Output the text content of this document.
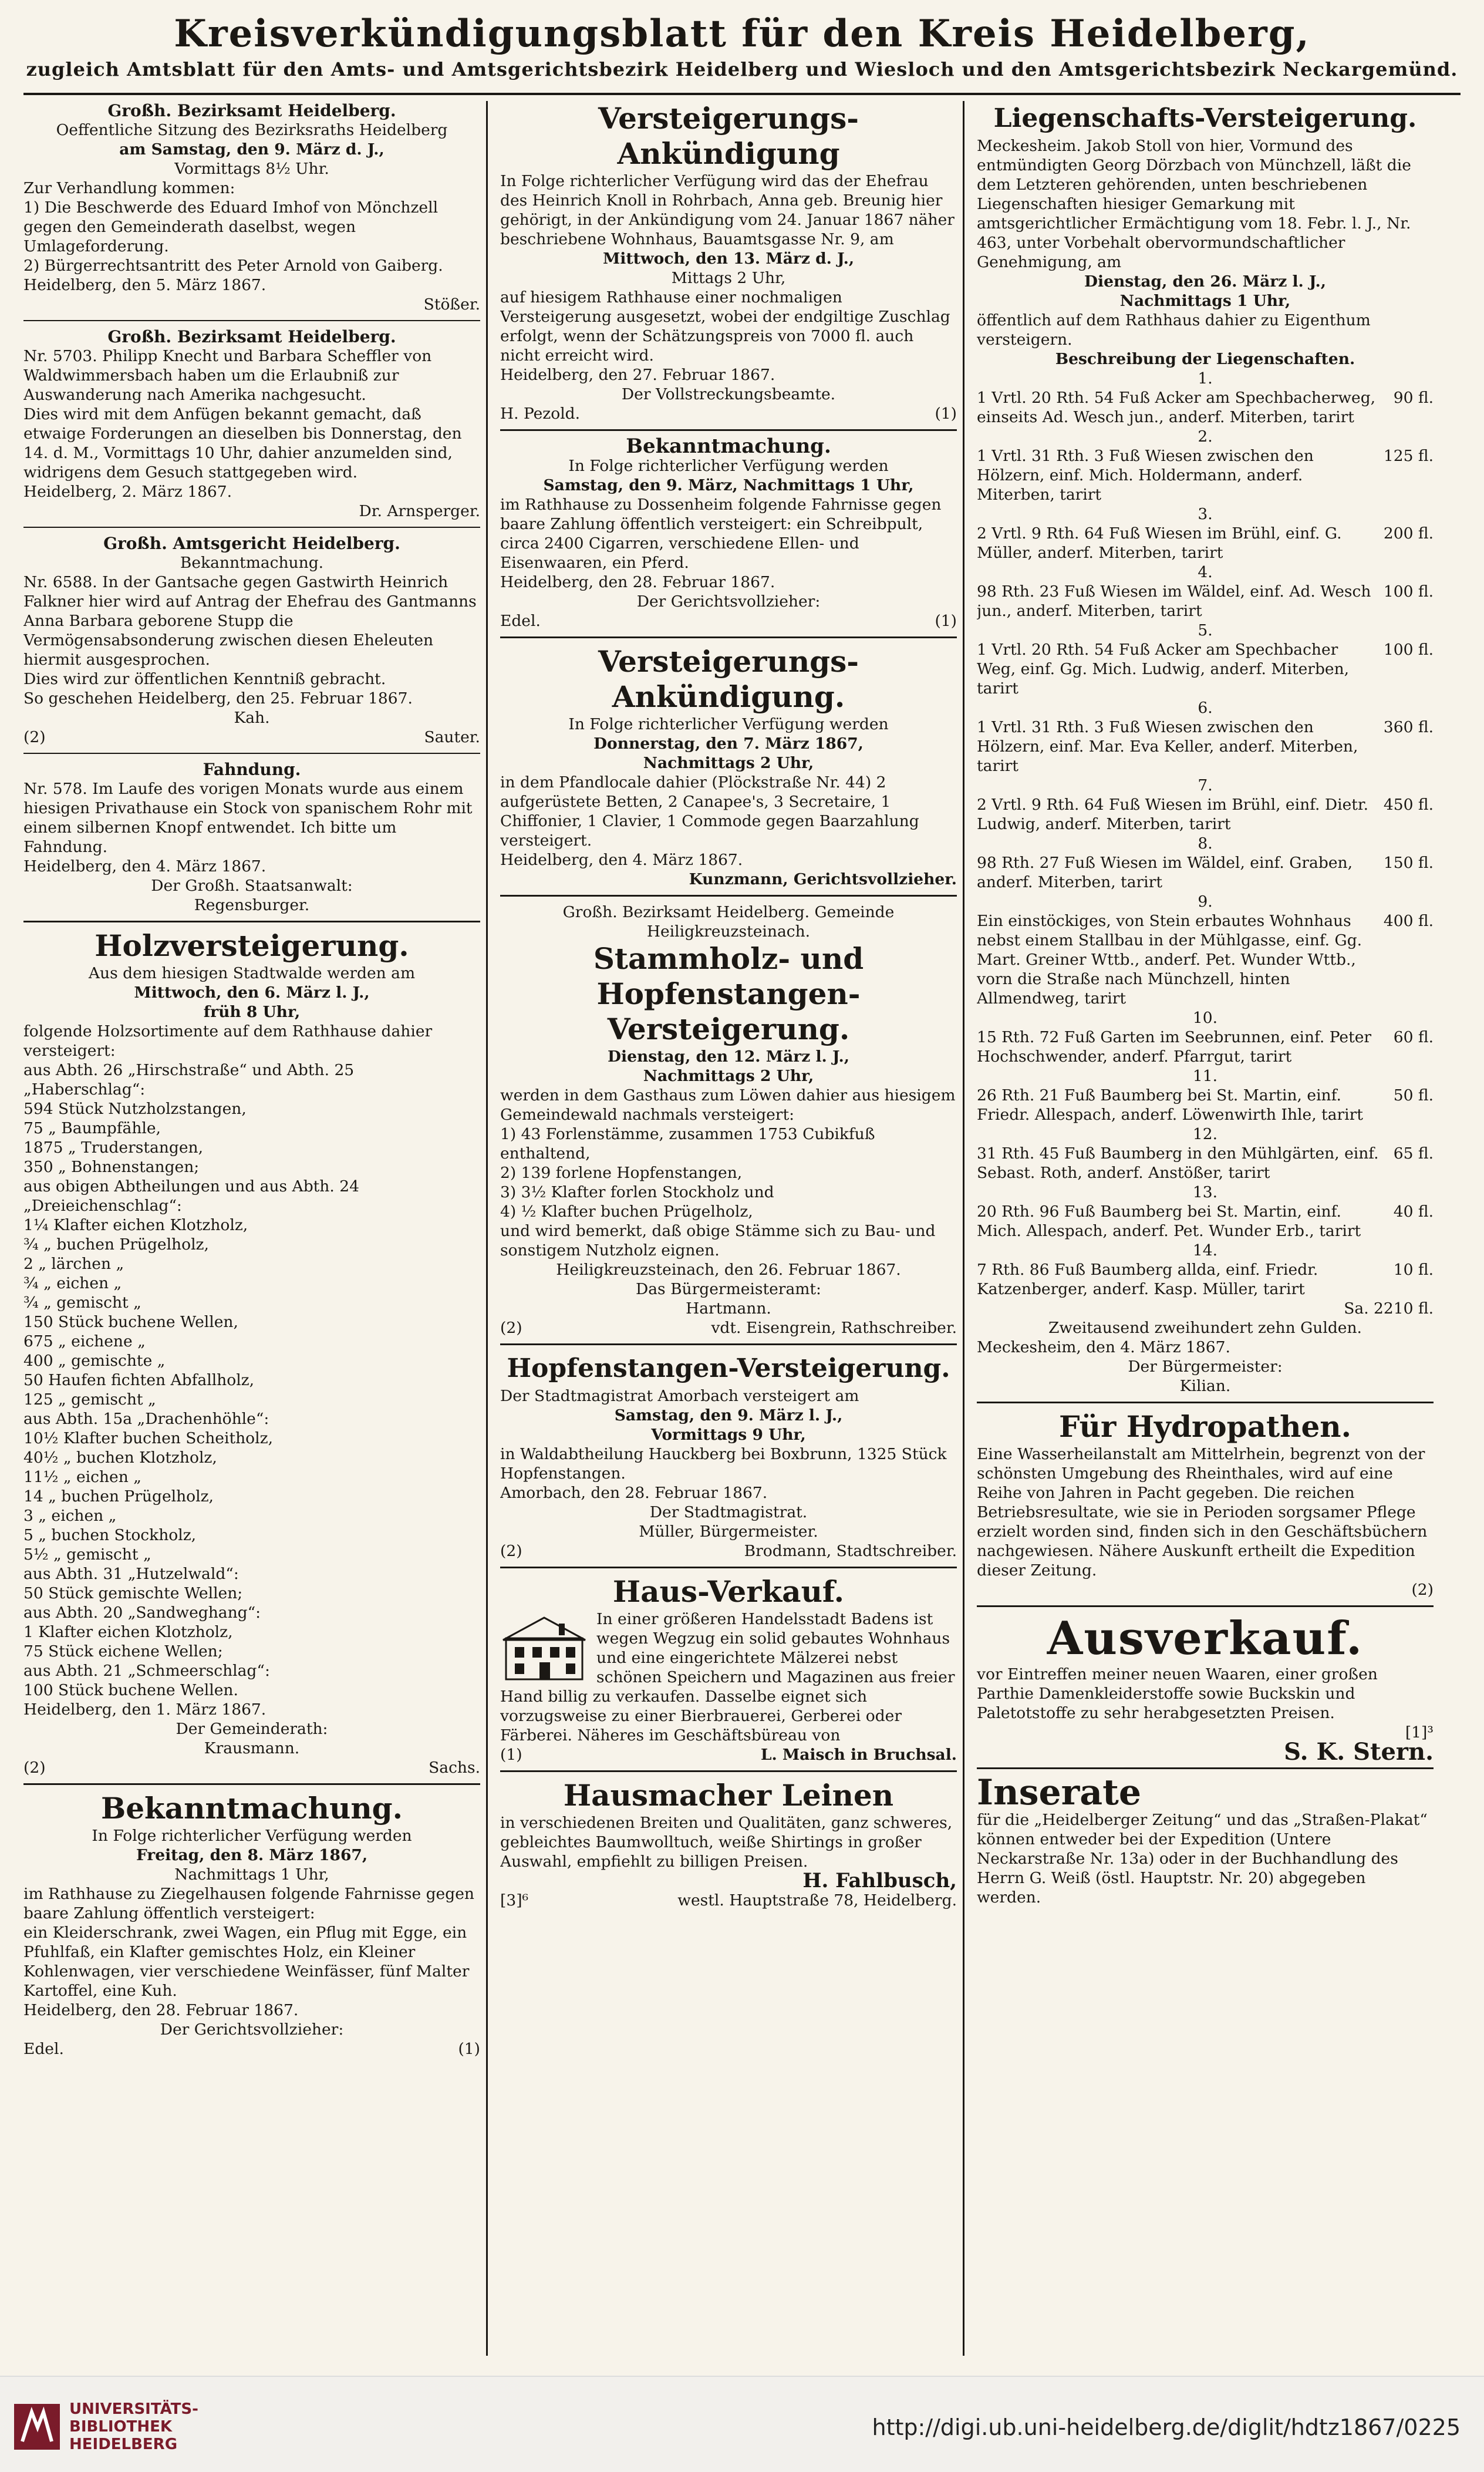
Kreisverkündigungsblatt für den Kreis Heidelberg,
zugleich Amtsblatt für den Amts- und Amtsgerichtsbezirk Heidelberg und Wiesloch und den Amtsgerichtsbezirk Neckargemünd.
Großh. Bezirksamt Heidelberg.

Oeffentliche Sitzung des Bezirksraths Heidelberg

am Samstag, den 9. März d. J.,

Vormittags 8½ Uhr.

Zur Verhandlung kommen:

1) Die Beschwerde des Eduard Imhof von Mönchzell gegen den Gemeinderath daselbst, wegen Umlageforderung.

2) Bürgerrechtsantritt des Peter Arnold von Gaiberg.

Heidelberg, den 5. März 1867.

Stößer.

Großh. Bezirksamt Heidelberg.

Nr. 5703. Philipp Knecht und Barbara Scheffler von Waldwimmersbach haben um die Erlaubniß zur Auswanderung nach Amerika nachgesucht.

Dies wird mit dem Anfügen bekannt gemacht, daß etwaige Forderungen an dieselben bis Donnerstag, den 14. d. M., Vormittags 10 Uhr, dahier anzumelden sind, widrigens dem Gesuch stattgegeben wird.

Heidelberg, 2. März 1867.

Dr. Arnsperger.

Großh. Amtsgericht Heidelberg.

Bekanntmachung.

Nr. 6588. In der Gantsache gegen Gastwirth Heinrich Falkner hier wird auf Antrag der Ehefrau des Gantmanns Anna Barbara geborene Stupp die Vermögensabsonderung zwischen diesen Eheleuten hiermit ausgesprochen.

Dies wird zur öffentlichen Kenntniß gebracht.

So geschehen Heidelberg, den 25. Februar 1867.

Kah.

(2)	Sauter.
Fahndung.

Nr. 578. Im Laufe des vorigen Monats wurde aus einem hiesigen Privathause ein Stock von spanischem Rohr mit einem silbernen Knopf entwendet. Ich bitte um Fahndung.

Heidelberg, den 4. März 1867.

Der Großh. Staatsanwalt:

Regensburger.

Holzversteigerung.

Aus dem hiesigen Stadtwalde werden am

Mittwoch, den 6. März l. J.,

früh 8 Uhr,

folgende Holzsortimente auf dem Rathhause dahier versteigert:

aus Abth. 26 „Hirschstraße“ und Abth. 25 „Haberschlag“:

594 Stück Nutzholzstangen,

75 „ Baumpfähle,

1875 „ Truderstangen,

350 „ Bohnenstangen;

aus obigen Abtheilungen und aus Abth. 24 „Dreieichenschlag“:

1¼ Klafter eichen Klotzholz,

¾ „ buchen Prügelholz,

2 „ lärchen „

¾ „ eichen „

¾ „ gemischt „

150 Stück buchene Wellen,

675 „ eichene „

400 „ gemischte „

50 Haufen fichten Abfallholz,

125 „ gemischt „

aus Abth. 15a „Drachenhöhle“:

10½ Klafter buchen Scheitholz,

40½ „ buchen Klotzholz,

11½ „ eichen „

14 „ buchen Prügelholz,

3 „ eichen „

5 „ buchen Stockholz,

5½ „ gemischt „

aus Abth. 31 „Hutzelwald“:

50 Stück gemischte Wellen;

aus Abth. 20 „Sandweghang“:

1 Klafter eichen Klotzholz,

75 Stück eichene Wellen;

aus Abth. 21 „Schmeerschlag“:

100 Stück buchene Wellen.

Heidelberg, den 1. März 1867.

Der Gemeinderath:

Krausmann.

(2)	Sachs.
Bekanntmachung.

In Folge richterlicher Verfügung werden

Freitag, den 8. März 1867,

Nachmittags 1 Uhr,

im Rathhause zu Ziegelhausen folgende Fahrnisse gegen baare Zahlung öffentlich versteigert:

ein Kleiderschrank, zwei Wagen, ein Pflug mit Egge, ein Pfuhlfaß, ein Klafter gemischtes Holz, ein Kleiner Kohlenwagen, vier verschiedene Weinfässer, fünf Malter Kartoffel, eine Kuh.

Heidelberg, den 28. Februar 1867.

Der Gerichtsvollzieher:

Edel.	(1)
Versteigerungs-Ankündigung

In Folge richterlicher Verfügung wird das der Ehefrau des Heinrich Knoll in Rohrbach, Anna geb. Breunig hier gehörigt, in der Ankündigung vom 24. Januar 1867 näher beschriebene Wohnhaus, Bauamtsgasse Nr. 9, am

Mittwoch, den 13. März d. J.,

Mittags 2 Uhr,

auf hiesigem Rathhause einer nochmaligen Versteigerung ausgesetzt, wobei der endgiltige Zuschlag erfolgt, wenn der Schätzungspreis von 7000 fl. auch nicht erreicht wird.

Heidelberg, den 27. Februar 1867.

Der Vollstreckungsbeamte.

H. Pezold.	(1)
Bekanntmachung.

In Folge richterlicher Verfügung werden

Samstag, den 9. März, Nachmittags 1 Uhr,

im Rathhause zu Dossenheim folgende Fahrnisse gegen baare Zahlung öffentlich versteigert: ein Schreibpult, circa 2400 Cigarren, verschiedene Ellen- und Eisenwaaren, ein Pferd.

Heidelberg, den 28. Februar 1867.

Der Gerichtsvollzieher:

Edel.	(1)
Versteigerungs-Ankündigung.

In Folge richterlicher Verfügung werden

Donnerstag, den 7. März 1867,

Nachmittags 2 Uhr,

in dem Pfandlocale dahier (Plöckstraße Nr. 44) 2 aufgerüstete Betten, 2 Canapee's, 3 Secretaire, 1 Chiffonier, 1 Clavier, 1 Commode gegen Baarzahlung versteigert.

Heidelberg, den 4. März 1867.

Kunzmann, Gerichtsvollzieher.

Großh. Bezirksamt Heidelberg. Gemeinde Heiligkreuzsteinach.

Stammholz- und Hopfenstangen-Versteigerung.

Dienstag, den 12. März l. J.,

Nachmittags 2 Uhr,

werden in dem Gasthaus zum Löwen dahier aus hiesigem Gemeindewald nachmals versteigert:

1) 43 Forlenstämme, zusammen 1753 Cubikfuß enthaltend,

2) 139 forlene Hopfenstangen,

3) 3½ Klafter forlen Stockholz und

4) ½ Klafter buchen Prügelholz,

und wird bemerkt, daß obige Stämme sich zu Bau- und sonstigem Nutzholz eignen.

Heiligkreuzsteinach, den 26. Februar 1867.

Das Bürgermeisteramt:

Hartmann.

(2)	vdt. Eisengrein, Rathschreiber.
Hopfenstangen-Versteigerung.

Der Stadtmagistrat Amorbach versteigert am

Samstag, den 9. März l. J.,

Vormittags 9 Uhr,

in Waldabtheilung Hauckberg bei Boxbrunn, 1325 Stück Hopfenstangen.

Amorbach, den 28. Februar 1867.

Der Stadtmagistrat.

Müller, Bürgermeister.

(2)	Brodmann, Stadtschreiber.
Haus-Verkauf.

In einer größeren Handelsstadt Badens ist wegen Wegzug ein solid gebautes Wohnhaus und eine eingerichtete Mälzerei nebst schönen Speichern und Magazinen aus freier Hand billig zu verkaufen. Dasselbe eignet sich vorzugsweise zu einer Bierbrauerei, Gerberei oder Färberei. Näheres im Geschäftsbüreau von

(1)	L. Maisch in Bruchsal.
Hausmacher Leinen

in verschiedenen Breiten und Qualitäten, ganz schweres, gebleichtes Baumwolltuch, weiße Shirtings in großer Auswahl, empfiehlt zu billigen Preisen.

H. Fahlbusch,

[3]⁶	westl. Hauptstraße 78, Heidelberg.
Liegenschafts-Versteigerung.

Meckesheim. Jakob Stoll von hier, Vormund des entmündigten Georg Dörzbach von Münchzell, läßt die dem Letzteren gehörenden, unten beschriebenen Liegenschaften hiesiger Gemarkung mit amtsgerichtlicher Ermächtigung vom 18. Febr. l. J., Nr. 463, unter Vorbehalt obervormundschaftlicher Genehmigung, am

Dienstag, den 26. März l. J.,

Nachmittags 1 Uhr,

öffentlich auf dem Rathhaus dahier zu Eigenthum versteigern.

Beschreibung der Liegenschaften.

1.

1 Vrtl. 20 Rth. 54 Fuß Acker am Spechbacherweg, einseits Ad. Wesch jun., anderf. Miterben, tarirt
90 fl.

2.

1 Vrtl. 31 Rth. 3 Fuß Wiesen zwischen den Hölzern, einf. Mich. Holdermann, anderf. Miterben, tarirt
125 fl.

3.

2 Vrtl. 9 Rth. 64 Fuß Wiesen im Brühl, einf. G. Müller, anderf. Miterben, tarirt
200 fl.

4.

98 Rth. 23 Fuß Wiesen im Wäldel, einf. Ad. Wesch jun., anderf. Miterben, tarirt
100 fl.

5.

1 Vrtl. 20 Rth. 54 Fuß Acker am Spechbacher Weg, einf. Gg. Mich. Ludwig, anderf. Miterben, tarirt
100 fl.

6.

1 Vrtl. 31 Rth. 3 Fuß Wiesen zwischen den Hölzern, einf. Mar. Eva Keller, anderf. Miterben, tarirt
360 fl.

7.

2 Vrtl. 9 Rth. 64 Fuß Wiesen im Brühl, einf. Dietr. Ludwig, anderf. Miterben, tarirt
450 fl.

8.

98 Rth. 27 Fuß Wiesen im Wäldel, einf. Graben, anderf. Miterben, tarirt
150 fl.

9.

Ein einstöckiges, von Stein erbautes Wohnhaus nebst einem Stallbau in der Mühlgasse, einf. Gg. Mart. Greiner Wttb., anderf. Pet. Wunder Wttb., vorn die Straße nach Münchzell, hinten Allmendweg, tarirt
400 fl.

10.

15 Rth. 72 Fuß Garten im Seebrunnen, einf. Peter Hochschwender, anderf. Pfarrgut, tarirt
60 fl.

11.

26 Rth. 21 Fuß Baumberg bei St. Martin, einf. Friedr. Allespach, anderf. Löwenwirth Ihle, tarirt
50 fl.

12.

31 Rth. 45 Fuß Baumberg in den Mühlgärten, einf. Sebast. Roth, anderf. Anstößer, tarirt
65 fl.

13.

20 Rth. 96 Fuß Baumberg bei St. Martin, einf. Mich. Allespach, anderf. Pet. Wunder Erb., tarirt
40 fl.

14.

7 Rth. 86 Fuß Baumberg allda, einf. Friedr. Katzenberger, anderf. Kasp. Müller, tarirt
10 fl.

Sa. 2210 fl.

Zweitausend zweihundert zehn Gulden.

Meckesheim, den 4. März 1867.

Der Bürgermeister:

Kilian.

Für Hydropathen.

Eine Wasserheilanstalt am Mittelrhein, begrenzt von der schönsten Umgebung des Rheinthales, wird auf eine Reihe von Jahren in Pacht gegeben. Die reichen Betriebsresultate, wie sie in Perioden sorgsamer Pflege erzielt worden sind, finden sich in den Geschäftsbüchern nachgewiesen. Nähere Auskunft ertheilt die Expedition dieser Zeitung.

(2)

Ausverkauf.

vor Eintreffen meiner neuen Waaren, einer großen Parthie Damenkleiderstoffe sowie Buckskin und Paletotstoffe zu sehr herabgesetzten Preisen.

[1]³

S. K. Stern.

Inserate

für die „Heidelberger Zeitung“ und das „Straßen-Plakat“ können entweder bei der Expedition (Untere Neckarstraße Nr. 13a) oder in der Buchhandlung des Herrn G. Weiß (östl. Hauptstr. Nr. 20) abgegeben werden.

UNIVERSITÄTS-
BIBLIOTHEK
HEIDELBERG
http://digi.ub.uni-heidelberg.de/diglit/hdtz1867/0225
